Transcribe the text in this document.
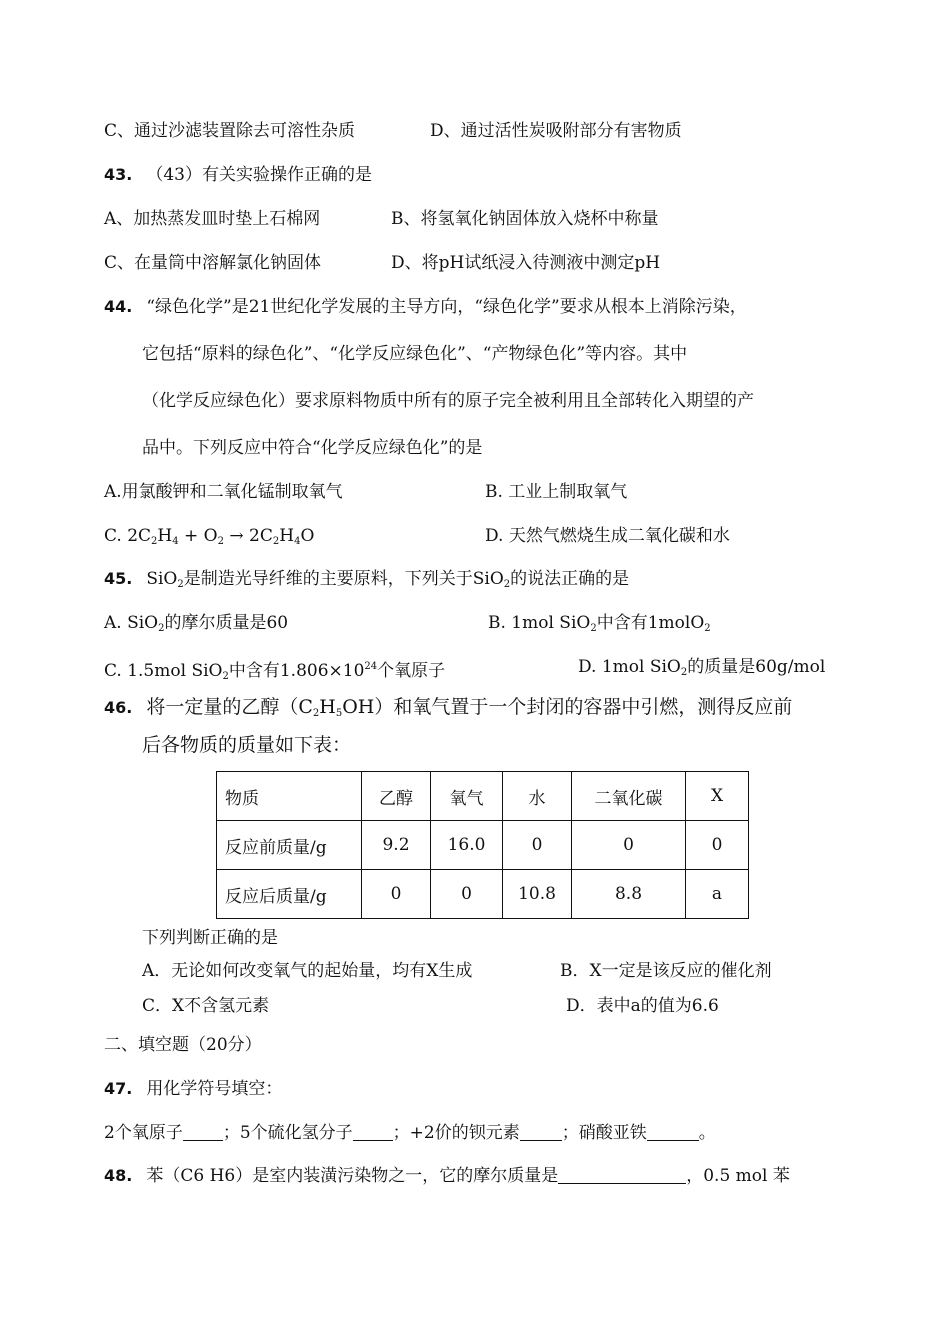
C、通过沙滤装置除去可溶性杂质	D、通过活性炭吸附部分有害物质
43. （43）有关实验操作正确的是
A、加热蒸发皿时垫上石棉网	B、将氢氧化钠固体放入烧杯中称量
C、在量筒中溶解氯化钠固体	D、将pH试纸浸入待测液中测定pH
44. “绿色化学”是21世纪化学发展的主导方向，“绿色化学”要求从根本上消除污染，
它包括“原料的绿色化”、“化学反应绿色化”、“产物绿色化”等内容。其中
（化学反应绿色化）要求原料物质中所有的原子完全被利用且全部转化入期望的产
品中。下列反应中符合“化学反应绿色化”的是
A.用氯酸钾和二氧化锰制取氧气	B. 工业上制取氧气
C. $2C_2H_4 + O_2 \to 2C_2H_4O$	D. 天然气燃烧生成二氧化碳和水
45. SiO$_2$是制造光导纤维的主要原料，下列关于SiO$_2$的说法正确的是
A. SiO$_2$的摩尔质量是60	B. 1mol SiO$_2$中含有1molO$_2$
C. 1.5mol SiO$_2$中含有$1.806\times 10^{24}$个氧原子	D. 1mol SiO$_2$的质量是60g/mol
46. 将一定量的乙醇$(C_2H_5OH)$和氧气置于一个封闭的容器中引燃，测得反应前
后各物质的质量如下表：
物质	乙醇	氧气	水	二氧化碳	X
反应前质量/g	9.2	16.0	0	0	0
反应后质量/g	0	0	10.8	8.8	a
下列判断正确的是
A．无论如何改变氧气的起始量，均有X生成	B．X一定是该反应的催化剂
C．X不含氢元素	D．表中a的值为6.6
二、填空题（20分）
47. 用化学符号填空：
2个氧原子 ；5个硫化氢分子 ；+2价的钡元素 ；硝酸亚铁	。
48. 苯（C6 H6）是室内装潢污染物之一，它的摩尔质量是	，0.5 mol 苯
